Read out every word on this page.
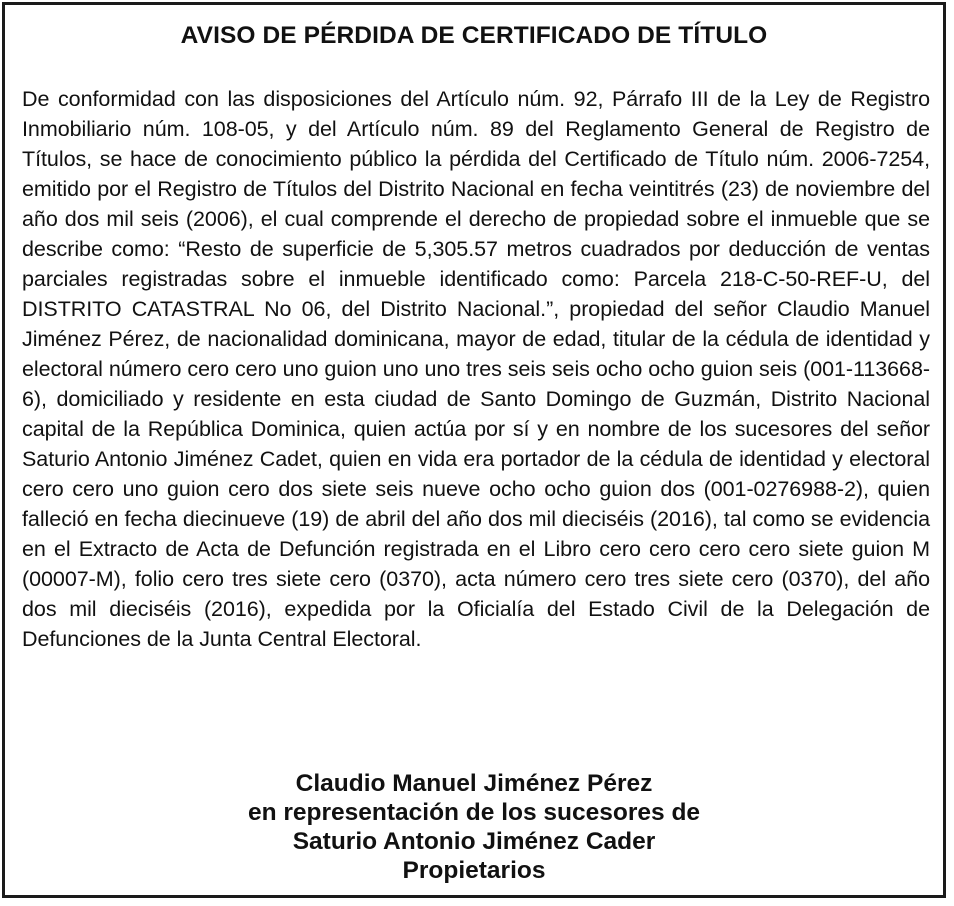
AVISO DE PÉRDIDA DE CERTIFICADO DE TÍTULO

De conformidad con las disposiciones del Artículo núm. 92, Párrafo III de la Ley de Registro Inmobiliario núm. 108-05, y del Artículo núm. 89 del Reglamento General de Registro de Títulos, se hace de conocimiento público la pérdida del Certificado de Título núm. 2006-7254, emitido por el Registro de Títulos del Distrito Nacional en fecha veintitrés (23) de noviembre del año dos mil seis (2006), el cual comprende el derecho de propiedad sobre el inmueble que se describe como: “Resto de superficie de 5,305.57 metros cuadrados por deducción de ventas parciales registradas sobre el inmueble identificado como: Parcela 218-C-50-REF-U, del DISTRITO CATASTRAL No 06, del Distrito Nacional.”, propiedad del señor Claudio Manuel Jiménez Pérez, de nacionalidad dominicana, mayor de edad, titular de la cédula de identidad y electoral número cero cero uno guion uno uno tres seis seis ocho ocho guion seis (001-113668-6), domiciliado y residente en esta ciudad de Santo Domingo de Guzmán, Distrito Nacional capital de la República Dominica, quien actúa por sí y en nombre de los sucesores del señor Saturio Antonio Jiménez Cadet, quien en vida era portador de la cédula de identidad y electoral cero cero uno guion cero dos siete seis nueve ocho ocho guion dos (001-0276988-2), quien falleció en fecha diecinueve (19) de abril del año dos mil dieciséis (2016), tal como se evidencia en el Extracto de Acta de Defunción registrada en el Libro cero cero cero cero siete guion M (00007-M), folio cero tres siete cero (0370), acta número cero tres siete cero (0370), del año dos mil dieciséis (2016), expedida por la Oficialía del Estado Civil de la Delegación de Defunciones de la Junta Central Electoral.

Claudio Manuel Jiménez Pérez
en representación de los sucesores de
Saturio Antonio Jiménez Cader
Propietarios
